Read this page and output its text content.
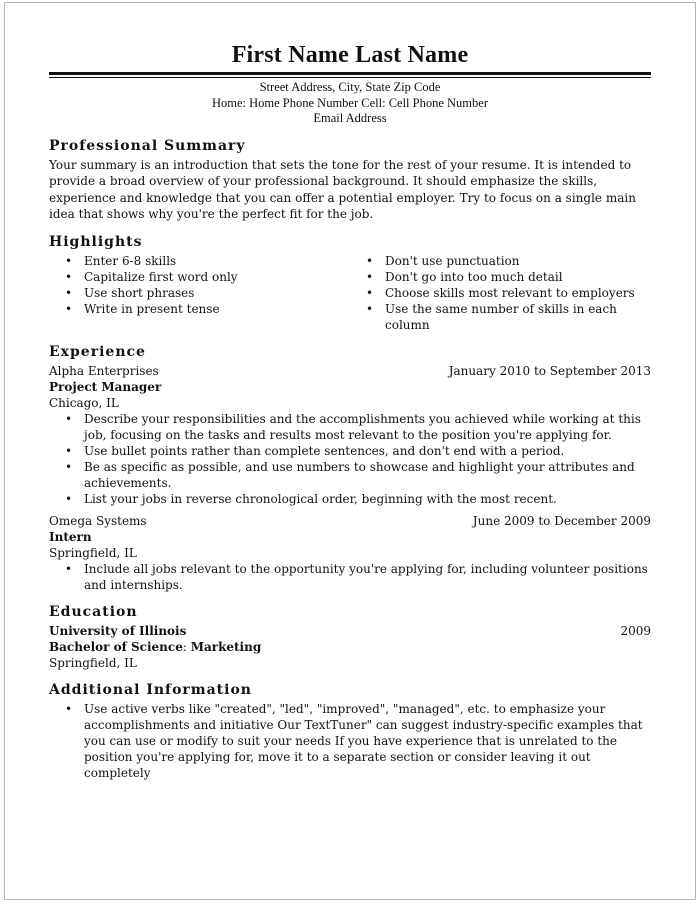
First Name Last Name
Street Address, City, State Zip Code
Home: Home Phone Number Cell: Cell Phone Number
Email Address
Professional Summary

Your summary is an introduction that sets the tone for the rest of your resume. It is intended to provide a broad overview of your professional background. It should emphasize the skills, experience and knowledge that you can offer a potential employer. Try to focus on a single main idea that shows why you're the perfect fit for the job.

Highlights
• Enter 6-8 skills
• Capitalize first word only
• Use short phrases
• Write in present tense
• Don't use punctuation
• Don't go into too much detail
• Choose skills most relevant to employers
• Use the same number of skills in each column
Experience
Alpha Enterprises	January 2010 to September 2013
Project Manager
Chicago, IL
• Describe your responsibilities and the accomplishments you achieved while working at this job, focusing on the tasks and results most relevant to the position you're applying for.
• Use bullet points rather than complete sentences, and don't end with a period.
• Be as specific as possible, and use numbers to showcase and highlight your attributes and achievements.
• List your jobs in reverse chronological order, beginning with the most recent.
Omega Systems	June 2009 to December 2009
Intern
Springfield, IL
• Include all jobs relevant to the opportunity you're applying for, including volunteer positions and internships.
Education
University of Illinois	2009
Bachelor of Science: Marketing
Springfield, IL
Additional Information
• Use active verbs like "created", "led", "improved", "managed", etc. to emphasize your accomplishments and initiative Our TextTuner" can suggest industry-specific examples that you can use or modify to suit your needs If you have experience that is unrelated to the position you're applying for, move it to a separate section or consider leaving it out completely
